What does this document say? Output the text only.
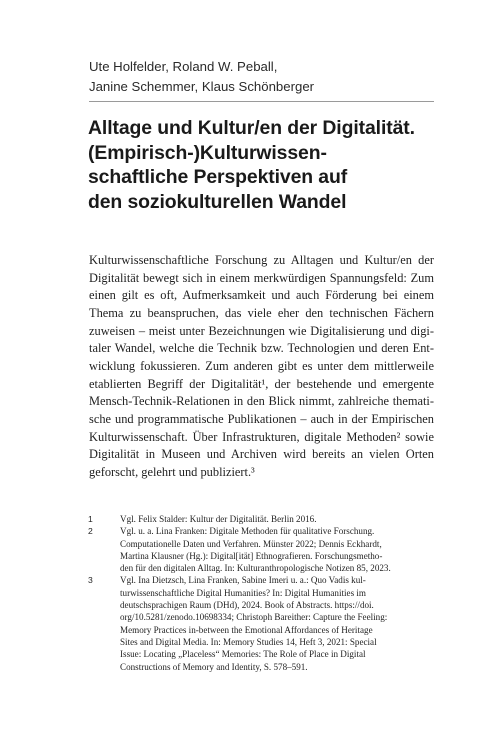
Ute Holfelder, Roland W. Peball,
Janine Schemmer, Klaus Schönberger
Alltage und Kultur/en der Digitalität.
(Empirisch-)Kulturwissen-
schaftliche Perspektiven auf
den soziokulturellen Wandel
Kulturwissenschaftliche Forschung zu Alltagen und Kultur/en der
Digitalität bewegt sich in einem merkwürdigen Spannungsfeld: Zum
einen gilt es oft, Aufmerksamkeit und auch Förderung bei einem
Thema zu beanspruchen, das viele eher den technischen Fächern
zuweisen – meist unter Bezeichnungen wie Digitalisierung und digi-
taler Wandel, welche die Technik bzw. Technologien und deren Ent-
wicklung fokussieren. Zum anderen gibt es unter dem mittlerweile
etablierten Begriff der Digitalität¹, der bestehende und emergente
Mensch-Technik-Relationen in den Blick nimmt, zahlreiche themati-
sche und programmatische Publikationen – auch in der Empirischen
Kulturwissenschaft. Über Infrastrukturen, digitale Methoden² sowie
Digitalität in Museen und Archiven wird bereits an vielen Orten
geforscht, gelehrt und publiziert.³
1	Vgl. Felix Stalder: Kultur der Digitalität. Berlin 2016.
2	Vgl. u. a. Lina Franken: Digitale Methoden für qualitative Forschung.
Computationelle Daten und Verfahren. Münster 2022; Dennis Eckhardt,
Martina Klausner (Hg.): Digital[ität] Ethnografieren. Forschungsmetho-
den für den digitalen Alltag. In: Kulturanthropologische Notizen 85, 2023.
3	Vgl. Ina Dietzsch, Lina Franken, Sabine Imeri u. a.: Quo Vadis kul-
turwissenschaftliche Digital Humanities? In: Digital Humanities im
deutschsprachigen Raum (DHd), 2024. Book of Abstracts. https://doi.
org/10.5281/zenodo.10698334; Christoph Bareither: Capture the Feeling:
Memory Practices in-between the Emotional Affordances of Heritage
Sites and Digital Media. In: Memory Studies 14, Heft 3, 2021: Special
Issue: Locating „Placeless“ Memories: The Role of Place in Digital
Constructions of Memory and Identity, S. 578–591.
